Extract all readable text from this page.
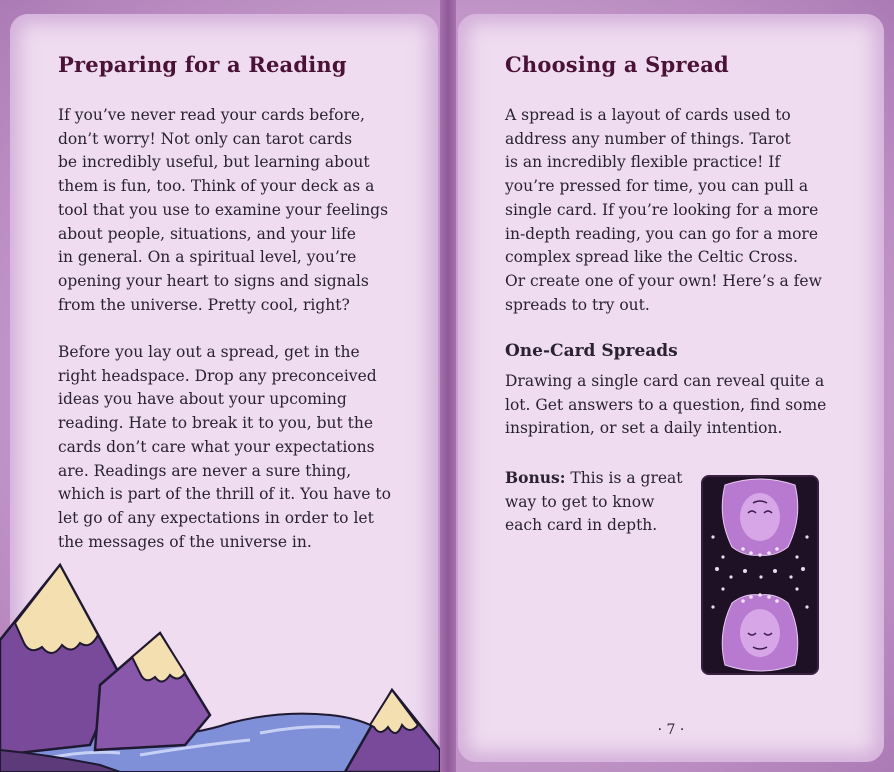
Preparing for a Reading

If you’ve never read your cards before,
don’t worry! Not only can tarot cards
be incredibly useful, but learning about
them is fun, too. Think of your deck as a
tool that you use to examine your feelings
about people, situations, and your life
in general. On a spiritual level, you’re
opening your heart to signs and signals
from the universe. Pretty cool, right?

Before you lay out a spread, get in the
right headspace. Drop any preconceived
ideas you have about your upcoming
reading. Hate to break it to you, but the
cards don’t care what your expectations
are. Readings are never a sure thing,
which is part of the thrill of it. You have to
let go of any expectations in order to let
the messages of the universe in.

Choosing a Spread

A spread is a layout of cards used to
address any number of things. Tarot
is an incredibly flexible practice! If
you’re pressed for time, you can pull a
single card. If you’re looking for a more
in-depth reading, you can go for a more
complex spread like the Celtic Cross.
Or create one of your own! Here’s a few
spreads to try out.

One-Card Spreads

Drawing a single card can reveal quite a
lot. Get answers to a question, find some
inspiration, or set a daily intention.

Bonus: This is a great
way to get to know
each card in depth.

· 7 ·
